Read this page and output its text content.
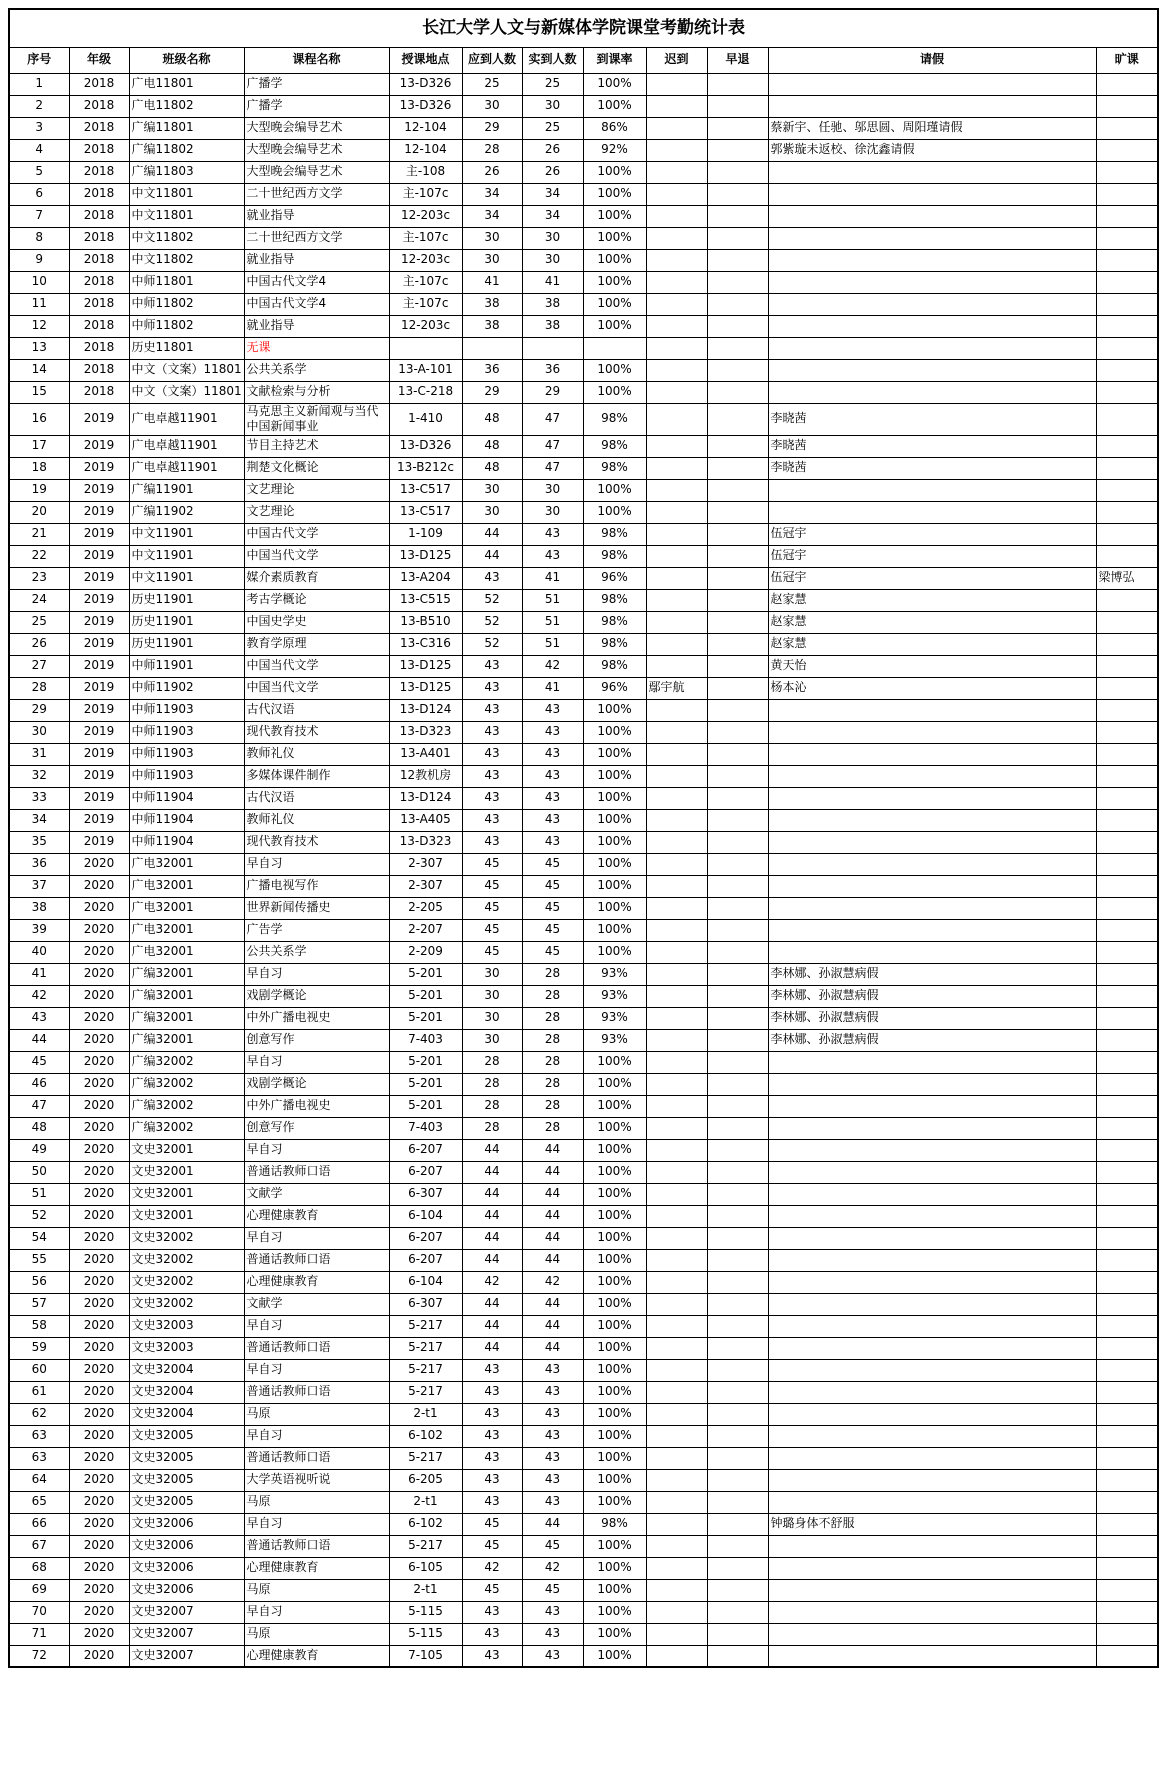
长江大学人文与新媒体学院课堂考勤统计表											
序号	年级	班级名称	课程名称	授课地点	应到人数	实到人数	到课率	迟到	早退	请假	旷课
1	2018	广电11801	广播学	13-D326	25	25	100%				
2	2018	广电11802	广播学	13-D326	30	30	100%				
3	2018	广编11801	大型晚会编导艺术	12-104	29	25	86%			蔡新宇、任驰、邬思圆、周阳瑾请假	
4	2018	广编11802	大型晚会编导艺术	12-104	28	26	92%			郭紫璇未返校、徐沈鑫请假	
5	2018	广编11803	大型晚会编导艺术	主-108	26	26	100%				
6	2018	中文11801	二十世纪西方文学	主-107c	34	34	100%				
7	2018	中文11801	就业指导	12-203c	34	34	100%				
8	2018	中文11802	二十世纪西方文学	主-107c	30	30	100%				
9	2018	中文11802	就业指导	12-203c	30	30	100%				
10	2018	中师11801	中国古代文学4	主-107c	41	41	100%				
11	2018	中师11802	中国古代文学4	主-107c	38	38	100%				
12	2018	中师11802	就业指导	12-203c	38	38	100%				
13	2018	历史11801	无课								
14	2018	中文（文案）11801	公共关系学	13-A-101	36	36	100%				
15	2018	中文（文案）11801	文献检索与分析	13-C-218	29	29	100%				
16	2019	广电卓越11901	马克思主义新闻观与当代中国新闻事业	1-410	48	47	98%			李晓茜	
17	2019	广电卓越11901	节目主持艺术	13-D326	48	47	98%			李晓茜	
18	2019	广电卓越11901	荆楚文化概论	13-B212c	48	47	98%			李晓茜	
19	2019	广编11901	文艺理论	13-C517	30	30	100%				
20	2019	广编11902	文艺理论	13-C517	30	30	100%				
21	2019	中文11901	中国古代文学	1-109	44	43	98%			伍冠宇	
22	2019	中文11901	中国当代文学	13-D125	44	43	98%			伍冠宇	
23	2019	中文11901	媒介素质教育	13-A204	43	41	96%			伍冠宇	梁博弘
24	2019	历史11901	考古学概论	13-C515	52	51	98%			赵家慧	
25	2019	历史11901	中国史学史	13-B510	52	51	98%			赵家慧	
26	2019	历史11901	教育学原理	13-C316	52	51	98%			赵家慧	
27	2019	中师11901	中国当代文学	13-D125	43	42	98%			黄天怡	
28	2019	中师11902	中国当代文学	13-D125	43	41	96%	鄢宇航		杨本沁	
29	2019	中师11903	古代汉语	13-D124	43	43	100%				
30	2019	中师11903	现代教育技术	13-D323	43	43	100%				
31	2019	中师11903	教师礼仪	13-A401	43	43	100%				
32	2019	中师11903	多媒体课件制作	12教机房	43	43	100%				
33	2019	中师11904	古代汉语	13-D124	43	43	100%				
34	2019	中师11904	教师礼仪	13-A405	43	43	100%				
35	2019	中师11904	现代教育技术	13-D323	43	43	100%				
36	2020	广电32001	早自习	2-307	45	45	100%				
37	2020	广电32001	广播电视写作	2-307	45	45	100%				
38	2020	广电32001	世界新闻传播史	2-205	45	45	100%				
39	2020	广电32001	广告学	2-207	45	45	100%				
40	2020	广电32001	公共关系学	2-209	45	45	100%				
41	2020	广编32001	早自习	5-201	30	28	93%			李林娜、孙淑慧病假	
42	2020	广编32001	戏剧学概论	5-201	30	28	93%			李林娜、孙淑慧病假	
43	2020	广编32001	中外广播电视史	5-201	30	28	93%			李林娜、孙淑慧病假	
44	2020	广编32001	创意写作	7-403	30	28	93%			李林娜、孙淑慧病假	
45	2020	广编32002	早自习	5-201	28	28	100%				
46	2020	广编32002	戏剧学概论	5-201	28	28	100%				
47	2020	广编32002	中外广播电视史	5-201	28	28	100%				
48	2020	广编32002	创意写作	7-403	28	28	100%				
49	2020	文史32001	早自习	6-207	44	44	100%				
50	2020	文史32001	普通话教师口语	6-207	44	44	100%				
51	2020	文史32001	文献学	6-307	44	44	100%				
52	2020	文史32001	心理健康教育	6-104	44	44	100%				
54	2020	文史32002	早自习	6-207	44	44	100%				
55	2020	文史32002	普通话教师口语	6-207	44	44	100%				
56	2020	文史32002	心理健康教育	6-104	42	42	100%				
57	2020	文史32002	文献学	6-307	44	44	100%				
58	2020	文史32003	早自习	5-217	44	44	100%				
59	2020	文史32003	普通话教师口语	5-217	44	44	100%				
60	2020	文史32004	早自习	5-217	43	43	100%				
61	2020	文史32004	普通话教师口语	5-217	43	43	100%				
62	2020	文史32004	马原	2-t1	43	43	100%				
63	2020	文史32005	早自习	6-102	43	43	100%				
63	2020	文史32005	普通话教师口语	5-217	43	43	100%				
64	2020	文史32005	大学英语视听说	6-205	43	43	100%				
65	2020	文史32005	马原	2-t1	43	43	100%				
66	2020	文史32006	早自习	6-102	45	44	98%			钟璐身体不舒服	
67	2020	文史32006	普通话教师口语	5-217	45	45	100%				
68	2020	文史32006	心理健康教育	6-105	42	42	100%				
69	2020	文史32006	马原	2-t1	45	45	100%				
70	2020	文史32007	早自习	5-115	43	43	100%				
71	2020	文史32007	马原	5-115	43	43	100%				
72	2020	文史32007	心理健康教育	7-105	43	43	100%				
